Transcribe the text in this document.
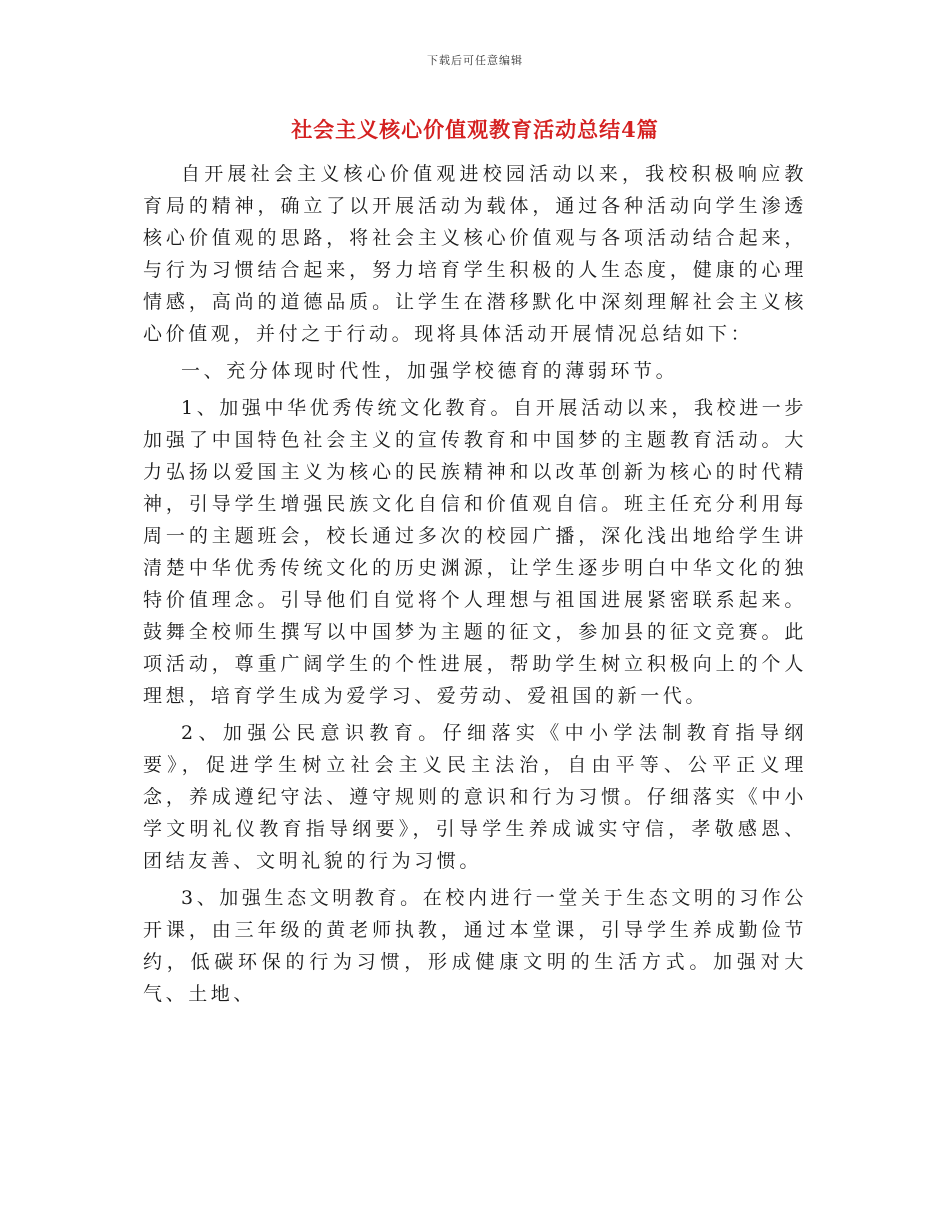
下载后可任意编辑
社会主义核心价值观教育活动总结4篇

自开展社会主义核心价值观进校园活动以来，我校积极响应教育局的精神，确立了以开展活动为载体，通过各种活动向学生渗透核心价值观的思路，将社会主义核心价值观与各项活动结合起来，与行为习惯结合起来，努力培育学生积极的人生态度，健康的心理情感，高尚的道德品质。让学生在潜移默化中深刻理解社会主义核心价值观，并付之于行动。现将具体活动开展情况总结如下：

一、充分体现时代性，加强学校德育的薄弱环节。

1、加强中华优秀传统文化教育。自开展活动以来，我校进一步加强了中国特色社会主义的宣传教育和中国梦的主题教育活动。大力弘扬以爱国主义为核心的民族精神和以改革创新为核心的时代精神，引导学生增强民族文化自信和价值观自信。班主任充分利用每周一的主题班会，校长通过多次的校园广播，深化浅出地给学生讲清楚中华优秀传统文化的历史渊源，让学生逐步明白中华文化的独特价值理念。引导他们自觉将个人理想与祖国进展紧密联系起来。鼓舞全校师生撰写以中国梦为主题的征文，参加县的征文竞赛。此项活动，尊重广阔学生的个性进展，帮助学生树立积极向上的个人理想，培育学生成为爱学习、爱劳动、爱祖国的新一代。

2、加强公民意识教育。仔细落实《中小学法制教育指导纲要》，促进学生树立社会主义民主法治，自由平等、公平正义理念，养成遵纪守法、遵守规则的意识和行为习惯。仔细落实《中小学文明礼仪教育指导纲要》，引导学生养成诚实守信，孝敬感恩、团结友善、文明礼貌的行为习惯。

3、加强生态文明教育。在校内进行一堂关于生态文明的习作公开课，由三年级的黄老师执教，通过本堂课，引导学生养成勤俭节约，低碳环保的行为习惯，形成健康文明的生活方式。加强对大气、土地、
